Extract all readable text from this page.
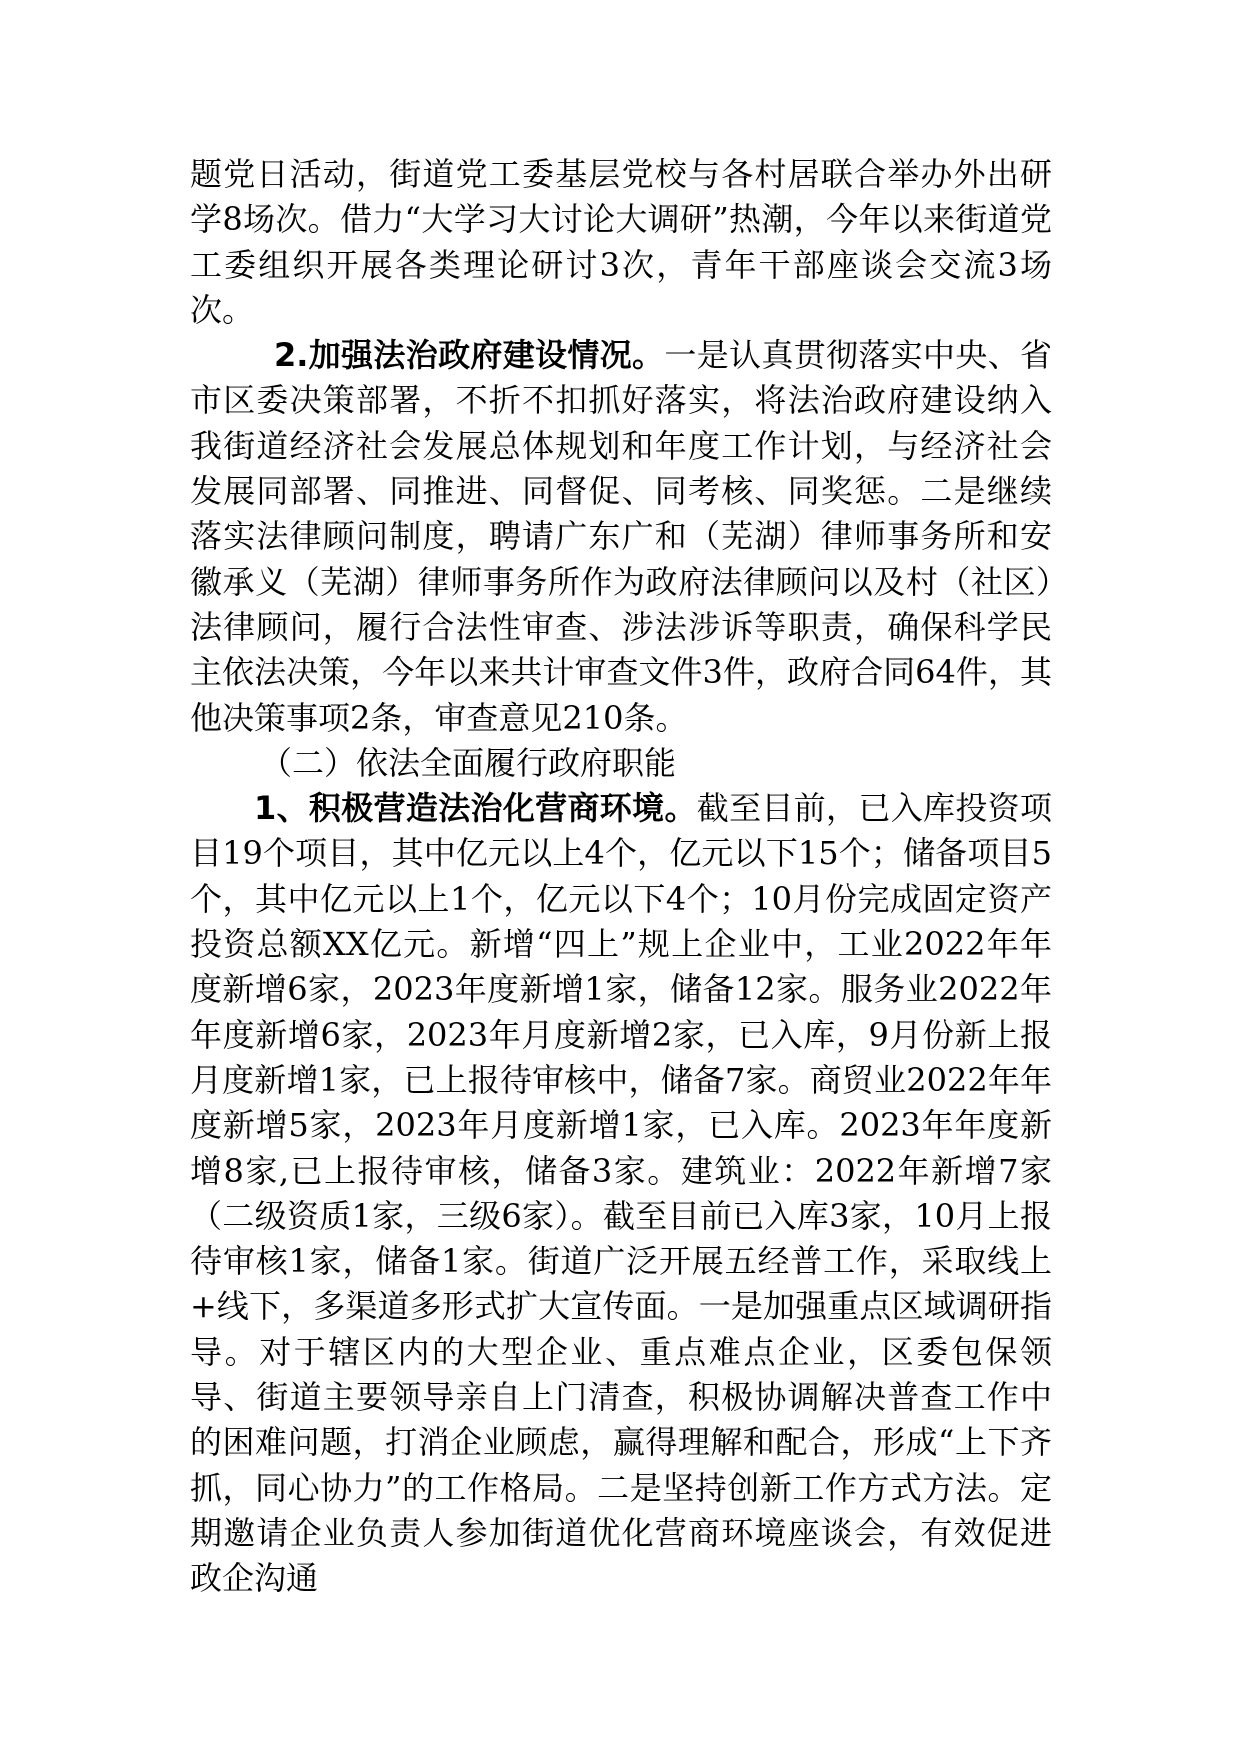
题党日活动，街道党工委基层党校与各村居联合举办外出研学8场次。借力“大学习大讨论大调研”热潮，今年以来街道党工委组织开展各类理论研讨3次，青年干部座谈会交流3场次。

2.加强法治政府建设情况。一是认真贯彻落实中央、省市区委决策部署，不折不扣抓好落实，将法治政府建设纳入我街道经济社会发展总体规划和年度工作计划，与经济社会发展同部署、同推进、同督促、同考核、同奖惩。二是继续落实法律顾问制度，聘请广东广和（芜湖）律师事务所和安徽承义（芜湖）律师事务所作为政府法律顾问以及村（社区）法律顾问，履行合法性审查、涉法涉诉等职责，确保科学民主依法决策，今年以来共计审查文件3件，政府合同64件，其他决策事项2条，审查意见210条。

（二）依法全面履行政府职能

1、积极营造法治化营商环境。截至目前，已入库投资项目19个项目，其中亿元以上4个，亿元以下15个；储备项目5个，其中亿元以上1个，亿元以下4个；10月份完成固定资产投资总额XX亿元。新增“四上”规上企业中，工业2022年年度新增6家，2023年度新增1家，储备12家。服务业2022年年度新增6家，2023年月度新增2家，已入库，9月份新上报月度新增1家，已上报待审核中，储备7家。商贸业2022年年度新增5家，2023年月度新增1家，已入库。2023年年度新增8家,已上报待审核，储备3家。建筑业：2022年新增7家（二级资质1家，三级6家）。截至目前已入库3家，10月上报待审核1家，储备1家。街道广泛开展五经普工作，采取线上+线下，多渠道多形式扩大宣传面。一是加强重点区域调研指导。对于辖区内的大型企业、重点难点企业，区委包保领导、街道主要领导亲自上门清查，积极协调解决普查工作中的困难问题，打消企业顾虑，赢得理解和配合，形成“上下齐抓，同心协力”的工作格局。二是坚持创新工作方式方法。定期邀请企业负责人参加街道优化营商环境座谈会，有效促进政企沟通
